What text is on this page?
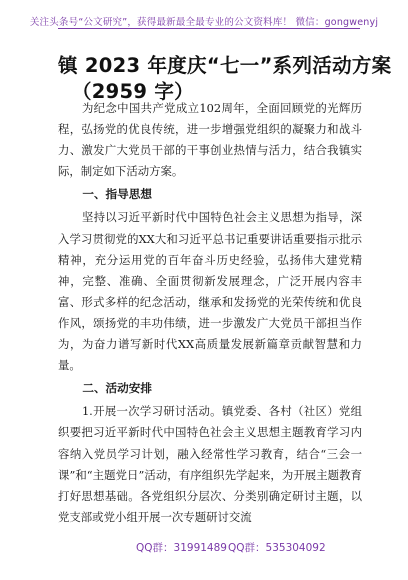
关注头条号“公文研究”，获得最新最全最专业的公文资料库！ 微信：gongwenyj
镇 2023 年度庆“七一”系列活动方案
（2959 字）

为纪念中国共产党成立102周年，全面回顾党的光辉历程，弘扬党的优良传统，进一步增强党组织的凝聚力和战斗力、激发广大党员干部的干事创业热情与活力，结合我镇实际，制定如下活动方案。

一、指导思想

坚持以习近平新时代中国特色社会主义思想为指导，深入学习贯彻党的XX大和习近平总书记重要讲话重要指示批示精神，充分运用党的百年奋斗历史经验，弘扬伟大建党精神，完整、准确、全面贯彻新发展理念，广泛开展内容丰富、形式多样的纪念活动，继承和发扬党的光荣传统和优良作风，颂扬党的丰功伟绩，进一步激发广大党员干部担当作为，为奋力谱写新时代XX高质量发展新篇章贡献智慧和力量。

二、活动安排

1.开展一次学习研讨活动。镇党委、各村（社区）党组织要把习近平新时代中国特色社会主义思想主题教育学习内容纳入党员学习计划，融入经常性学习教育，结合“三会一课”和“主题党日”活动，有序组织先学起来，为开展主题教育打好思想基础。各党组织分层次、分类别确定研讨主题，以党支部或党小组开展一次专题研讨交流

QQ群：31991489 QQ群：535304092
